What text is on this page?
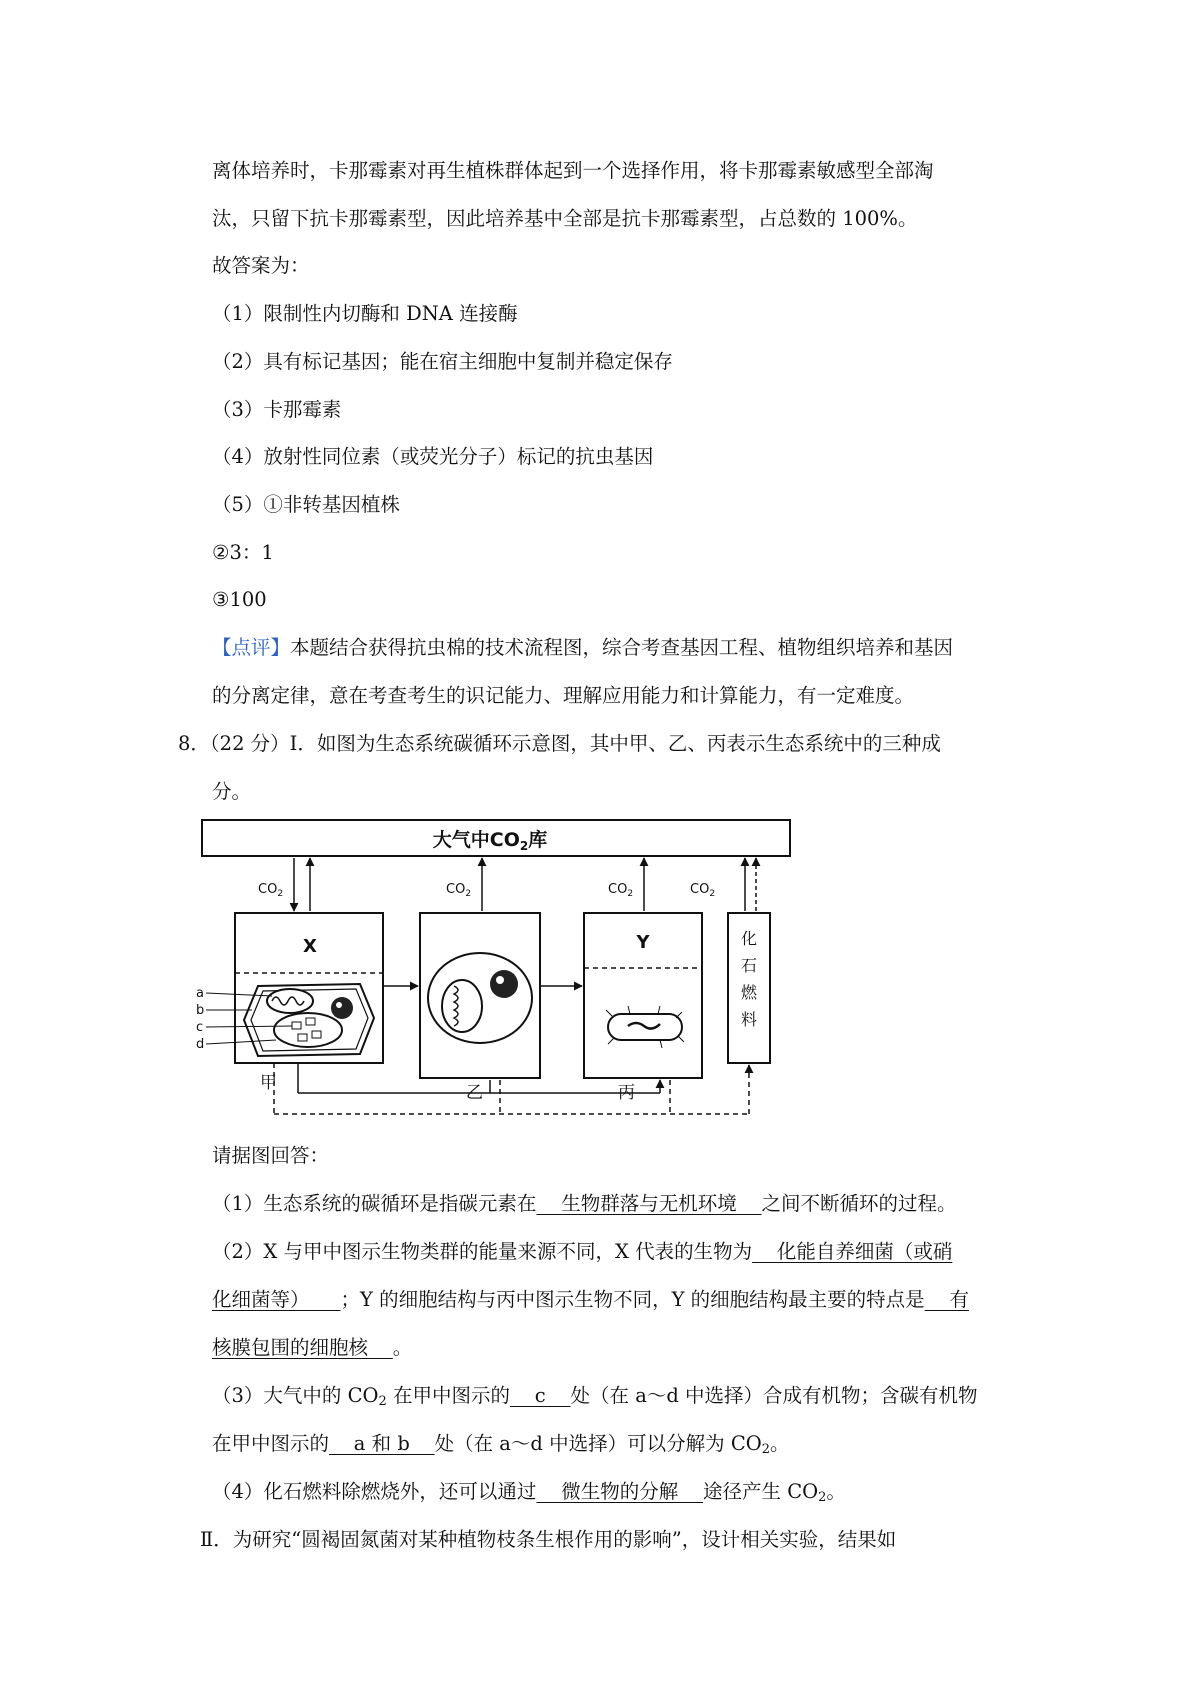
离体培养时，卡那霉素对再生植株群体起到一个选择作用，将卡那霉素敏感型全部淘
汰，只留下抗卡那霉素型，因此培养基中全部是抗卡那霉素型，占总数的 100%。
故答案为：
（1）限制性内切酶和 DNA 连接酶
（2）具有标记基因；能在宿主细胞中复制并稳定保存
（3）卡那霉素
（4）放射性同位素（或荧光分子）标记的抗虫基因
（5）①非转基因植株
②3：1
③100
【点评】本题结合获得抗虫棉的技术流程图，综合考查基因工程、植物组织培养和基因
的分离定律，意在考查考生的识记能力、理解应用能力和计算能力，有一定难度。
8．（22 分）I．如图为生态系统碳循环示意图，其中甲、乙、丙表示生态系统中的三种成
分。
大气中$CO_2$库
X
a
b
c
d
Y	化
石
燃
料
$CO_2$	$CO_2$	$CO_2$	$CO_2$
甲	乙	丙
请据图回答：
（1）生态系统的碳循环是指碳元素在    生物群落与无机环境    之间不断循环的过程。
（2）X 与甲中图示生物类群的能量来源不同，X 代表的生物为    化能自养细菌（或硝
化细菌等）     ；Y 的细胞结构与丙中图示生物不同，Y 的细胞结构最主要的特点是    有
核膜包围的细胞核    。
（3）大气中的 $CO_2$ 在甲中图示的    c    处（在 a～d 中选择）合成有机物；含碳有机物
在甲中图示的    a 和 b    处（在 a～d 中选择）可以分解为 $CO_2$。
（4）化石燃料除燃烧外，还可以通过    微生物的分解    途径产生 $CO_2$。
Ⅱ．为研究“圆褐固氮菌对某种植物枝条生根作用的影响”，设计相关实验，结果如
